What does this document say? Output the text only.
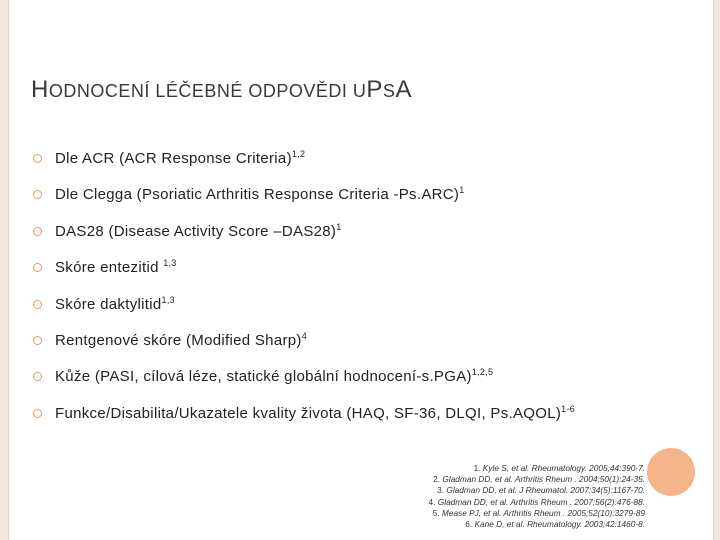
HODNOCENÍ LÉČEBNÉ ODPOVĚDI UPSA
Dle ACR (ACR Response Criteria)$^{1,2}$
Dle Clegga (Psoriatic Arthritis Response Criteria -Ps.ARC)$^1$
DAS28 (Disease Activity Score –DAS28)$^1$
Skóre entezitid $^{1,3}$
Skóre daktylitid$^{1,3}$
Rentgenové skóre (Modified Sharp)$^4$
Kůže (PASI, cílová léze, statické globální hodnocení-s.PGA)$^{1,2,5}$
Funkce/Disabilita/Ukazatele kvality života (HAQ, SF-36, DLQI, Ps.AQOL)$^{1-6}$
1. Kyle S, et al. Rheumatology. 2005;44:390-7.
2. Gladman DD, et al. Arthritis Rheum . 2004;50(1):24-35.
3. Gladman DD, et al. J Rheumatol. 2007;34(5):1167-70.
4. Gladman DD, et al. Arthritis Rheum . 2007;56(2):476-88.
5. Mease PJ, et al. Arthritis Rheum . 2005;52(10):3279-89
6. Kane D, et al. Rheumatology. 2003;42:1460-8.
